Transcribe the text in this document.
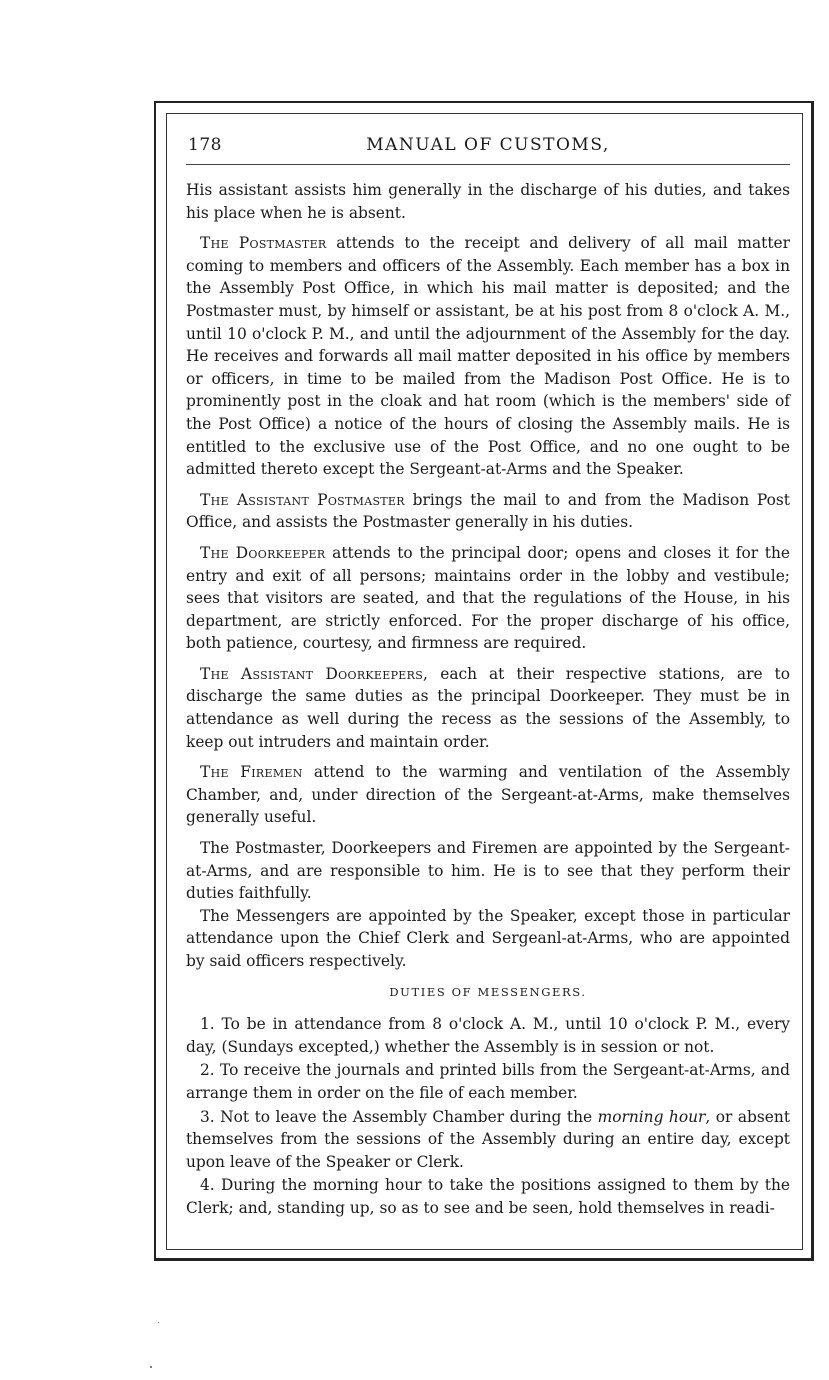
178	MANUAL OF CUSTOMS,

His assistant assists him generally in the discharge of his duties, and takes his place when he is absent.

The Postmaster attends to the receipt and delivery of all mail matter coming to members and officers of the Assembly. Each member has a box in the Assembly Post Office, in which his mail matter is deposited; and the Postmaster must, by himself or assistant, be at his post from 8 o'clock A. M., until 10 o'clock P. M., and until the adjournment of the Assembly for the day. He receives and forwards all mail matter deposited in his office by members or officers, in time to be mailed from the Madison Post Office. He is to prominently post in the cloak and hat room (which is the members' side of the Post Office) a notice of the hours of closing the Assembly mails. He is entitled to the exclusive use of the Post Office, and no one ought to be admitted thereto except the Sergeant-at-Arms and the Speaker.

The Assistant Postmaster brings the mail to and from the Madison Post Office, and assists the Postmaster generally in his duties.

The Doorkeeper attends to the principal door; opens and closes it for the entry and exit of all persons; maintains order in the lobby and vestibule; sees that visitors are seated, and that the regulations of the House, in his department, are strictly enforced. For the proper discharge of his office, both patience, courtesy, and firmness are required.

The Assistant Doorkeepers, each at their respective stations, are to discharge the same duties as the principal Doorkeeper. They must be in attendance as well during the recess as the sessions of the Assembly, to keep out intruders and maintain order.

The Firemen attend to the warming and ventilation of the Assembly Chamber, and, under direction of the Sergeant-at-Arms, make themselves generally useful.

The Postmaster, Doorkeepers and Firemen are appointed by the Sergeant-at-Arms, and are responsible to him. He is to see that they perform their duties faithfully.

The Messengers are appointed by the Speaker, except those in particular attendance upon the Chief Clerk and Sergeanl-at-Arms, who are appointed by said officers respectively.

DUTIES OF MESSENGERS.
1. To be in attendance from 8 o'clock A. M., until 10 o'clock P. M., every day, (Sundays excepted,) whether the Assembly is in session or not.
2. To receive the journals and printed bills from the Sergeant-at-Arms, and arrange them in order on the file of each member.
3. Not to leave the Assembly Chamber during the morning hour, or absent themselves from the sessions of the Assembly during an entire day, except upon leave of the Speaker or Clerk.
4. During the morning hour to take the positions assigned to them by the Clerk; and, standing up, so as to see and be seen, hold themselves in readi-
